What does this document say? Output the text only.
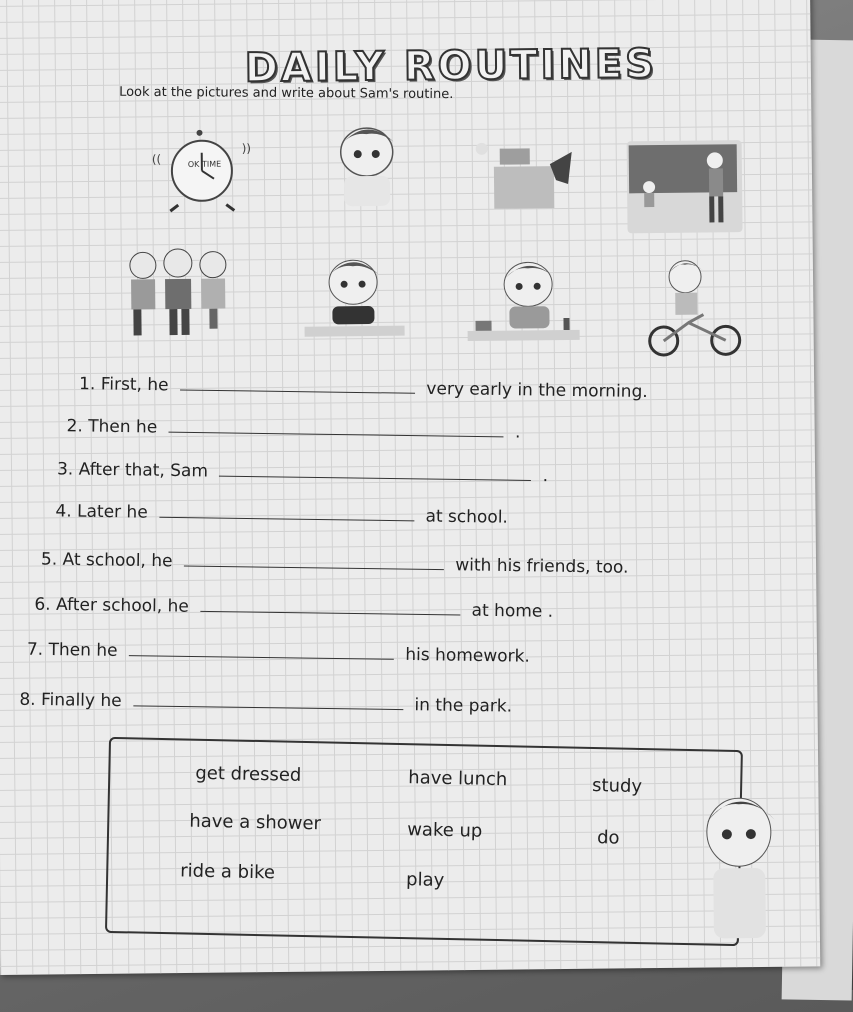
DAILY ROUTINES
Look at the pictures and write about Sam's routine.
OK TIME
((
))
1. First, he	very early in the morning.
2. Then he	.
3. After that, Sam	.
4. Later he	at school.
5. At school, he	with his friends, too.
6. After school, he	at home .
7. Then he	his homework.
8. Finally he	in the park.
get dressed	have lunch	study
have a shower	wake up	do
ride a bike	play
